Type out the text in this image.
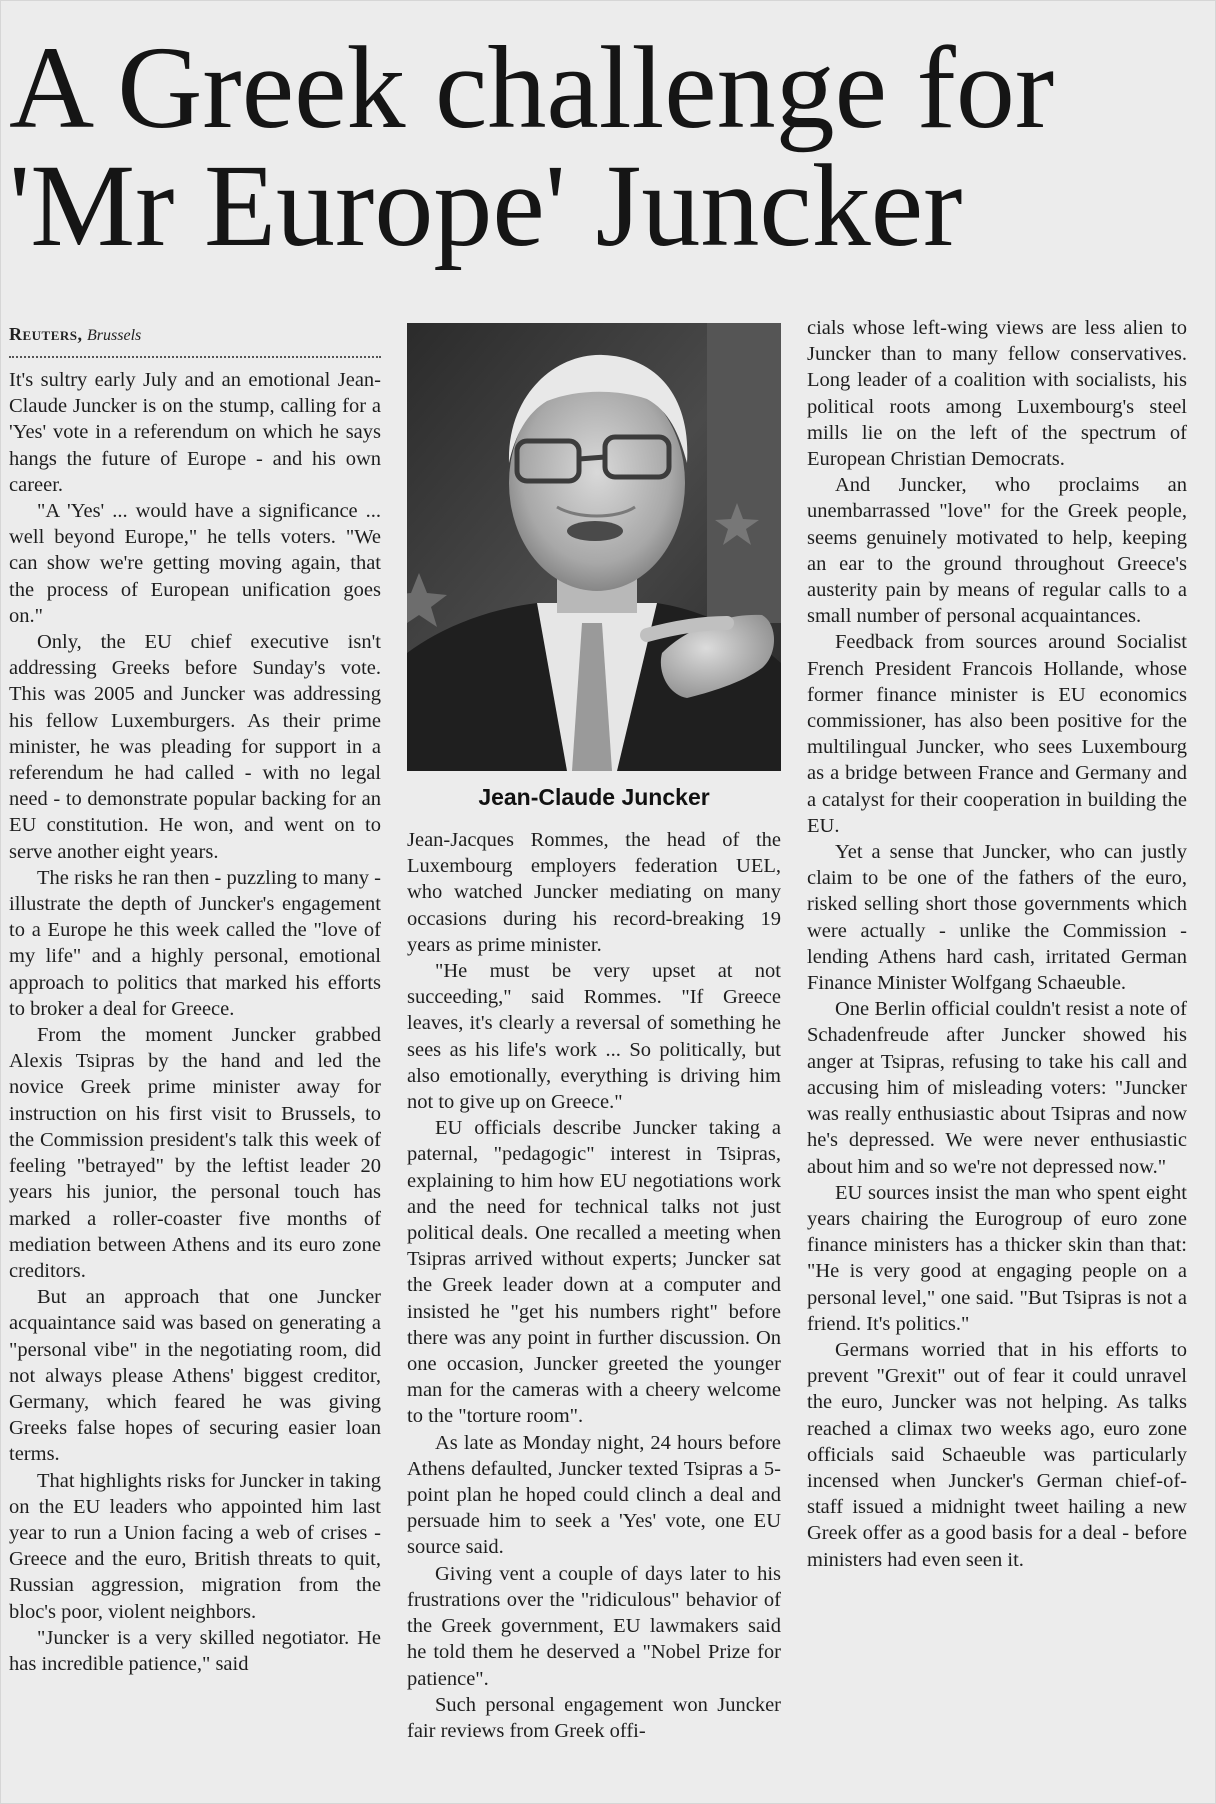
A Greek challenge for
'Mr Europe' Juncker
Reuters, Brussels

It's sultry early July and an emotional Jean-Claude Juncker is on the stump, calling for a 'Yes' vote in a referendum on which he says hangs the future of Europe - and his own career.

"A 'Yes' ... would have a significance ... well beyond Europe," he tells voters. "We can show we're getting moving again, that the process of European unification goes on."

Only, the EU chief executive isn't addressing Greeks before Sunday's vote. This was 2005 and Juncker was addressing his fellow Luxemburgers. As their prime minister, he was pleading for support in a referendum he had called - with no legal need - to demonstrate popular backing for an EU constitution. He won, and went on to serve another eight years.

The risks he ran then - puzzling to many - illustrate the depth of Juncker's engagement to a Europe he this week called the "love of my life" and a highly personal, emotional approach to politics that marked his efforts to broker a deal for Greece.

From the moment Juncker grabbed Alexis Tsipras by the hand and led the novice Greek prime minister away for instruction on his first visit to Brussels, to the Commission president's talk this week of feeling "betrayed" by the leftist leader 20 years his junior, the personal touch has marked a roller-coaster five months of mediation between Athens and its euro zone creditors.

But an approach that one Juncker acquaintance said was based on generating a "personal vibe" in the negotiating room, did not always please Athens' biggest creditor, Germany, which feared he was giving Greeks false hopes of securing easier loan terms.

That highlights risks for Juncker in taking on the EU leaders who appointed him last year to run a Union facing a web of crises - Greece and the euro, British threats to quit, Russian aggression, migration from the bloc's poor, violent neighbors.

"Juncker is a very skilled negotiator. He has incredible patience," said

Jean-Claude Juncker

Jean-Jacques Rommes, the head of the Luxembourg employers federation UEL, who watched Juncker mediating on many occasions during his record-breaking 19 years as prime minister.

"He must be very upset at not succeeding," said Rommes. "If Greece leaves, it's clearly a reversal of something he sees as his life's work ... So politically, but also emotionally, everything is driving him not to give up on Greece."

EU officials describe Juncker taking a paternal, "pedagogic" interest in Tsipras, explaining to him how EU negotiations work and the need for technical talks not just political deals. One recalled a meeting when Tsipras arrived without experts; Juncker sat the Greek leader down at a computer and insisted he "get his numbers right" before there was any point in further discussion. On one occasion, Juncker greeted the younger man for the cameras with a cheery welcome to the "torture room".

As late as Monday night, 24 hours before Athens defaulted, Juncker texted Tsipras a 5-point plan he hoped could clinch a deal and persuade him to seek a 'Yes' vote, one EU source said.

Giving vent a couple of days later to his frustrations over the "ridiculous" behavior of the Greek government, EU lawmakers said he told them he deserved a "Nobel Prize for patience".

Such personal engagement won Juncker fair reviews from Greek offi-

cials whose left-wing views are less alien to Juncker than to many fellow conservatives. Long leader of a coalition with socialists, his political roots among Luxembourg's steel mills lie on the left of the spectrum of European Christian Democrats.

And Juncker, who proclaims an unembarrassed "love" for the Greek people, seems genuinely motivated to help, keeping an ear to the ground throughout Greece's austerity pain by means of regular calls to a small number of personal acquaintances.

Feedback from sources around Socialist French President Francois Hollande, whose former finance minister is EU economics commissioner, has also been positive for the multilingual Juncker, who sees Luxembourg as a bridge between France and Germany and a catalyst for their cooperation in building the EU.

Yet a sense that Juncker, who can justly claim to be one of the fathers of the euro, risked selling short those governments which were actually - unlike the Commission - lending Athens hard cash, irritated German Finance Minister Wolfgang Schaeuble.

One Berlin official couldn't resist a note of Schadenfreude after Juncker showed his anger at Tsipras, refusing to take his call and accusing him of misleading voters: "Juncker was really enthusiastic about Tsipras and now he's depressed. We were never enthusiastic about him and so we're not depressed now."

EU sources insist the man who spent eight years chairing the Eurogroup of euro zone finance ministers has a thicker skin than that: "He is very good at engaging people on a personal level," one said. "But Tsipras is not a friend. It's politics."

Germans worried that in his efforts to prevent "Grexit" out of fear it could unravel the euro, Juncker was not helping. As talks reached a climax two weeks ago, euro zone officials said Schaeuble was particularly incensed when Juncker's German chief-of-staff issued a midnight tweet hailing a new Greek offer as a good basis for a deal - before ministers had even seen it.
